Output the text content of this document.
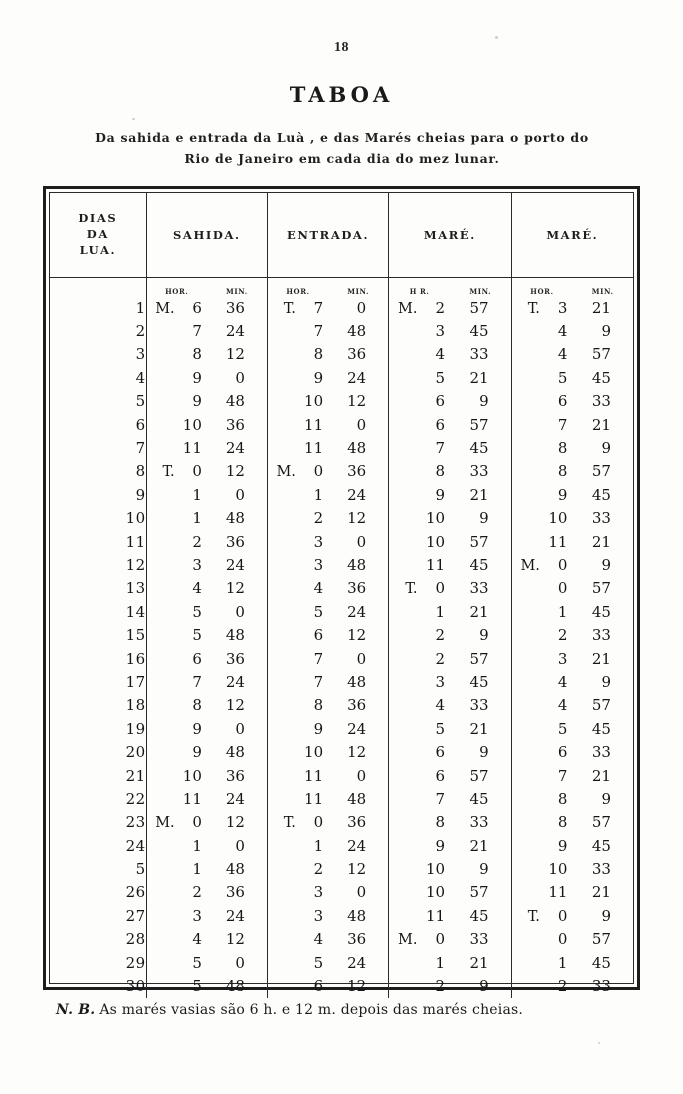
18
TABOA
Da sahida e entrada da Luà , e das Marés cheias para o porto do
Rio de Janeiro em cada dia do mez lunar.
DIAS
DA
LUA.	SAHIDA.	ENTRADA.	MARÉ.	MARÉ.

	HOR. MIN.	HOR. MIN.	H R. MIN.	HOR. MIN.

1	M. 6 36	T. 7 0	M. 2 57	T. 3 21

2	7 24	7 48	3 45	4 9

3	8 12	8 36	4 33	4 57

4	9 0	9 24	5 21	5 45

5	9 48	10 12	6 9	6 33

6	10 36	11 0	6 57	7 21

7	11 24	11 48	7 45	8 9

8	T. 0 12	M. 0 36	8 33	8 57

9	1 0	1 24	9 21	9 45

10	1 48	2 12	10 9	10 33

11	2 36	3 0	10 57	11 21

12	3 24	3 48	11 45	M. 0 9

13	4 12	4 36	T. 0 33	0 57

14	5 0	5 24	1 21	1 45

15	5 48	6 12	2 9	2 33

16	6 36	7 0	2 57	3 21

17	7 24	7 48	3 45	4 9

18	8 12	8 36	4 33	4 57

19	9 0	9 24	5 21	5 45

20	9 48	10 12	6 9	6 33

21	10 36	11 0	6 57	7 21

22	11 24	11 48	7 45	8 9

23	M. 0 12	T. 0 36	8 33	8 57

24	1 0	1 24	9 21	9 45

5	1 48	2 12	10 9	10 33

26	2 36	3 0	10 57	11 21

27	3 24	3 48	11 45	T. 0 9

28	4 12	4 36	M. 0 33	0 57

29	5 0	5 24	1 21	1 45

30	5 48	6 12	2 9	2 33
N. B. As marés vasias são 6 h. e 12 m. depois das marés cheias.
